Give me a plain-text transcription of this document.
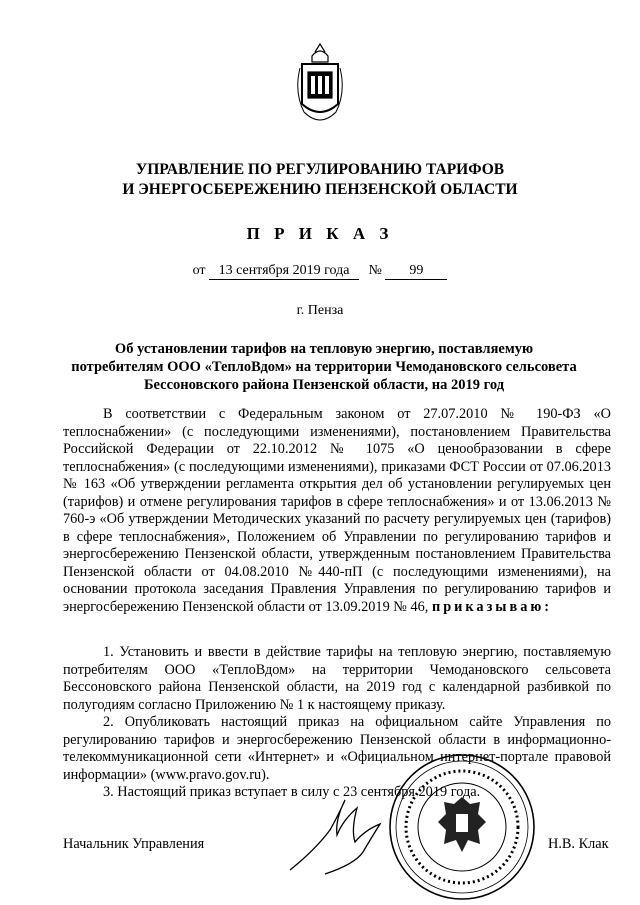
УПРАВЛЕНИЕ ПО РЕГУЛИРОВАНИЮ ТАРИФОВ
И ЭНЕРГОСБЕРЕЖЕНИЮ ПЕНЗЕНСКОЙ ОБЛАСТИ
П Р И К А З
от 13 сентября 2019 года № 99
г. Пенза
Об установлении тарифов на тепловую энергию, поставляемую
потребителям ООО «ТеплоВдом» на территории Чемодановского сельсовета
Бессоновского района Пензенской области, на 2019 год

В соответствии с Федеральным законом от 27.07.2010 № 190-ФЗ «О теплоснабжении» (с последующими изменениями), постановлением Правительства Российской Федерации от 22.10.2012 № 1075 «О ценообразовании в сфере теплоснабжения» (с последующими изменениями), приказами ФСТ России от 07.06.2013 № 163 «Об утверждении регламента открытия дел об установлении регулируемых цен (тарифов) и отмене регулирования тарифов в сфере теплоснабжения» и от 13.06.2013 № 760-э «Об утверждении Методических указаний по расчету регулируемых цен (тарифов) в сфере теплоснабжения», Положением об Управлении по регулированию тарифов и энергосбережению Пензенской области, утвержденным постановлением Правительства Пензенской области от 04.08.2010 №440-пП (с последующими изменениями), на основании протокола заседания Правления Управления по регулированию тарифов и энергосбережению Пензенской области от 13.09.2019 № 46, приказываю:

1. Установить и ввести в действие тарифы на тепловую энергию, поставляемую потребителям ООО «ТеплоВдом» на территории Чемодановского сельсовета Бессоновского района Пензенской области, на 2019 год с календарной разбивкой по полугодиям согласно Приложению № 1 к настоящему приказу.

2. Опубликовать настоящий приказ на официальном сайте Управления по регулированию тарифов и энергосбережению Пензенской области в информационно-телекоммуникационной сети «Интернет» и «Официальном интернет-портале правовой информации» (www.pravo.gov.ru).

3. Настоящий приказ вступает в силу с 23 сентября 2019 года.

Начальник Управления	Н.В. Клак
